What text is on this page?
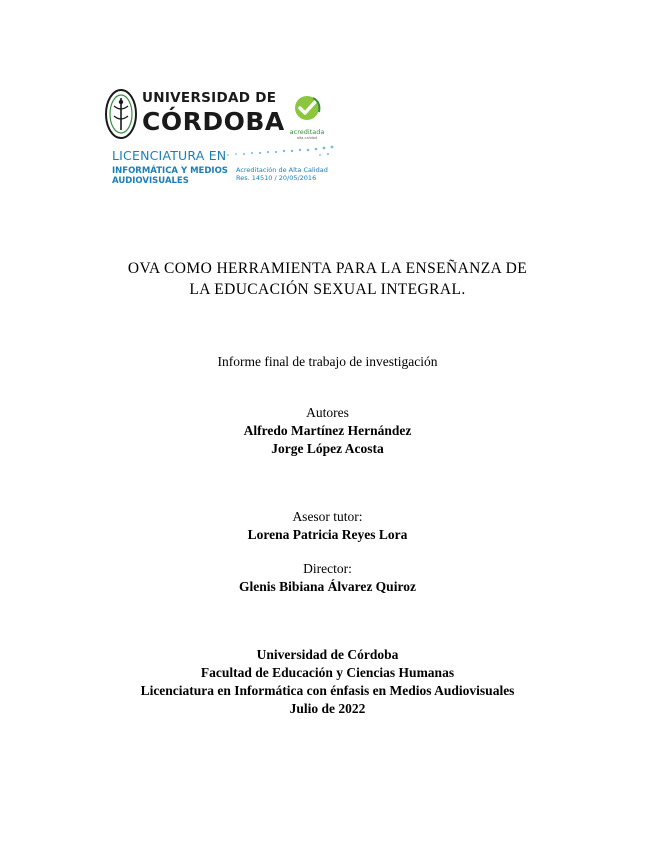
UNIVERSIDAD DE
CÓRDOBA acreditada
alta calidad
LICENCIATURA EN
INFORMÁTICA Y MEDIOS
AUDIOVISUALES
Acreditación de Alta Calidad
Res. 14510 / 20/05/2016
OVA COMO HERRAMIENTA PARA LA ENSEÑANZA DE
LA EDUCACIÓN SEXUAL INTEGRAL.
Informe final de trabajo de investigación
Autores
Alfredo Martínez Hernández
Jorge López Acosta
Asesor tutor:
Lorena Patricia Reyes Lora
Director:
Glenis Bibiana Álvarez Quiroz
Universidad de Córdoba
Facultad de Educación y Ciencias Humanas
Licenciatura en Informática con énfasis en Medios Audiovisuales
Julio de 2022
